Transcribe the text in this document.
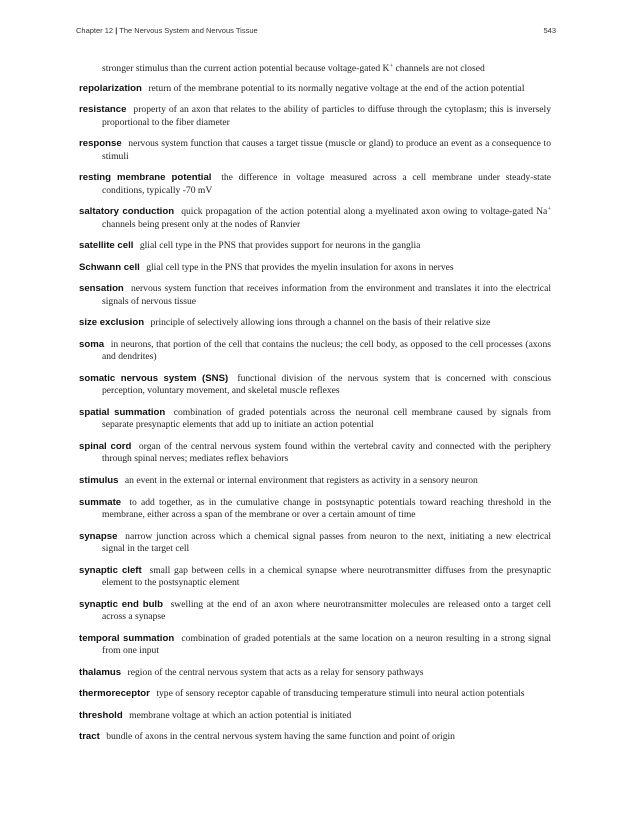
Chapter 12 | The Nervous System and Nervous Tissue	543

stronger stimulus than the current action potential because voltage-gated K+ channels are not closed

repolarization return of the membrane potential to its normally negative voltage at the end of the action potential

resistance property of an axon that relates to the ability of particles to diffuse through the cytoplasm; this is inversely proportional to the fiber diameter

response nervous system function that causes a target tissue (muscle or gland) to produce an event as a consequence to stimuli

resting membrane potential the difference in voltage measured across a cell membrane under steady-state conditions, typically -70 mV

saltatory conduction quick propagation of the action potential along a myelinated axon owing to voltage-gated Na+ channels being present only at the nodes of Ranvier

satellite cell glial cell type in the PNS that provides support for neurons in the ganglia

Schwann cell glial cell type in the PNS that provides the myelin insulation for axons in nerves

sensation nervous system function that receives information from the environment and translates it into the electrical signals of nervous tissue

size exclusion principle of selectively allowing ions through a channel on the basis of their relative size

soma in neurons, that portion of the cell that contains the nucleus; the cell body, as opposed to the cell processes (axons and dendrites)

somatic nervous system (SNS) functional division of the nervous system that is concerned with conscious perception, voluntary movement, and skeletal muscle reflexes

spatial summation combination of graded potentials across the neuronal cell membrane caused by signals from separate presynaptic elements that add up to initiate an action potential

spinal cord organ of the central nervous system found within the vertebral cavity and connected with the periphery through spinal nerves; mediates reflex behaviors

stimulus an event in the external or internal environment that registers as activity in a sensory neuron

summate to add together, as in the cumulative change in postsynaptic potentials toward reaching threshold in the membrane, either across a span of the membrane or over a certain amount of time

synapse narrow junction across which a chemical signal passes from neuron to the next, initiating a new electrical signal in the target cell

synaptic cleft small gap between cells in a chemical synapse where neurotransmitter diffuses from the presynaptic element to the postsynaptic element

synaptic end bulb swelling at the end of an axon where neurotransmitter molecules are released onto a target cell across a synapse

temporal summation combination of graded potentials at the same location on a neuron resulting in a strong signal from one input

thalamus region of the central nervous system that acts as a relay for sensory pathways

thermoreceptor type of sensory receptor capable of transducing temperature stimuli into neural action potentials

threshold membrane voltage at which an action potential is initiated

tract bundle of axons in the central nervous system having the same function and point of origin
